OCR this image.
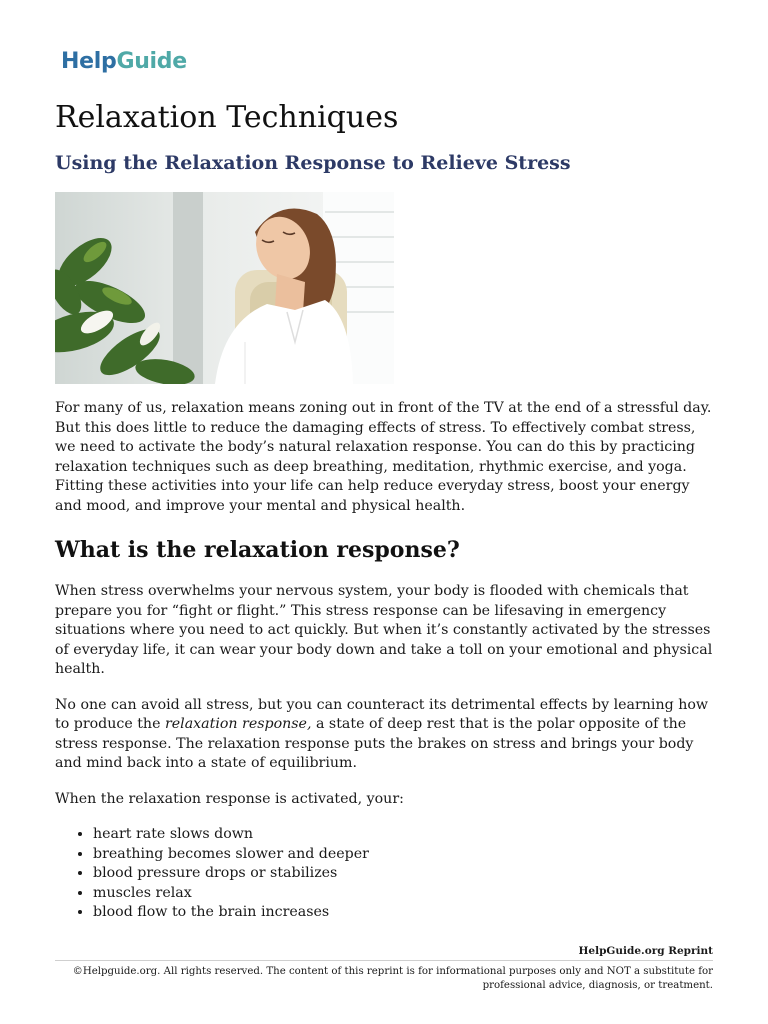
HelpGuide
Relaxation Techniques
Using the Relaxation Response to Relieve Stress

For many of us, relaxation means zoning out in front of the TV at the end of a stressful day. But this does little to reduce the damaging effects of stress. To effectively combat stress, we need to activate the body’s natural relaxation response. You can do this by practicing relaxation techniques such as deep breathing, meditation, rhythmic exercise, and yoga. Fitting these activities into your life can help reduce everyday stress, boost your energy and mood, and improve your mental and physical health.

What is the relaxation response?

When stress overwhelms your nervous system, your body is flooded with chemicals that prepare you for “fight or flight.” This stress response can be lifesaving in emergency situations where you need to act quickly. But when it’s constantly activated by the stresses of everyday life, it can wear your body down and take a toll on your emotional and physical health.

No one can avoid all stress, but you can counteract its detrimental effects by learning how to produce the relaxation response, a state of deep rest that is the polar opposite of the stress response. The relaxation response puts the brakes on stress and brings your body and mind back into a state of equilibrium.

When the relaxation response is activated, your:

• heart rate slows down
• breathing becomes slower and deeper
• blood pressure drops or stabilizes
• muscles relax
• blood flow to the brain increases
HelpGuide.org Reprint
©Helpguide.org. All rights reserved. The content of this reprint is for informational purposes only and NOT a substitute for professional advice, diagnosis, or treatment.
